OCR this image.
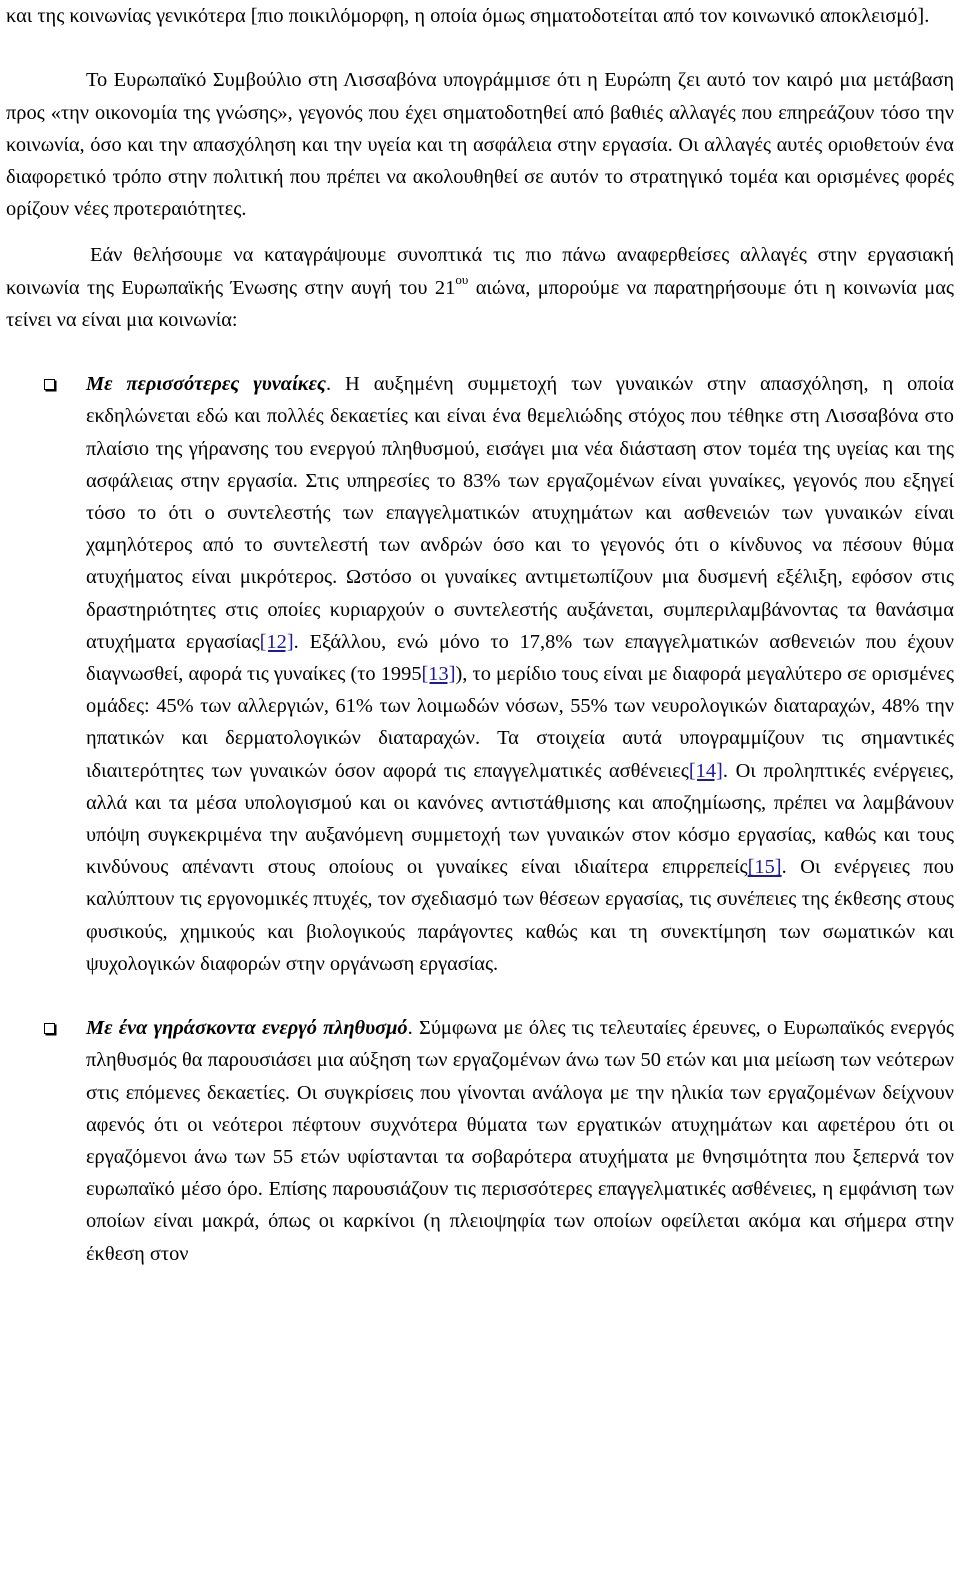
και της κοινωνίας γενικότερα [πιο ποικιλόμορφη, η οποία όμως σηματοδοτείται από τον κοινωνικό αποκλεισμό].

Το Ευρωπαϊκό Συμβούλιο στη Λισσαβόνα υπογράμμισε ότι η Ευρώπη ζει αυτό τον καιρό μια μετάβαση προς «την οικονομία της γνώσης», γεγονός που έχει σηματοδοτηθεί από βαθιές αλλαγές που επηρεάζουν τόσο την κοινωνία, όσο και την απασχόληση και την υγεία και τη ασφάλεια στην εργασία. Οι αλλαγές αυτές οριοθετούν ένα διαφορετικό τρόπο στην πολιτική που πρέπει να ακολουθηθεί σε αυτόν το στρατηγικό τομέα και ορισμένες φορές ορίζουν νέες προτεραιότητες.

Εάν θελήσουμε να καταγράψουμε συνοπτικά τις πιο πάνω αναφερθείσες αλλαγές στην εργασιακή κοινωνία της Ευρωπαϊκής Ένωσης στην αυγή του $21^{o\upsilon}$ αιώνα, μπορούμε να παρατηρήσουμε ότι η κοινωνία μας τείνει να είναι μια κοινωνία:

Με περισσότερες γυναίκες. Η αυξημένη συμμετοχή των γυναικών στην απασχόληση, η οποία εκδηλώνεται εδώ και πολλές δεκαετίες και είναι ένα θεμελιώδης στόχος που τέθηκε στη Λισσαβόνα στο πλαίσιο της γήρανσης του ενεργού πληθυσμού, εισάγει μια νέα διάσταση στον τομέα της υγείας και της ασφάλειας στην εργασία. Στις υπηρεσίες το 83% των εργαζομένων είναι γυναίκες, γεγονός που εξηγεί τόσο το ότι ο συντελεστής των επαγγελματικών ατυχημάτων και ασθενειών των γυναικών είναι χαμηλότερος από το συντελεστή των ανδρών όσο και το γεγονός ότι ο κίνδυνος να πέσουν θύμα ατυχήματος είναι μικρότερος. Ωστόσο οι γυναίκες αντιμετωπίζουν μια δυσμενή εξέλιξη, εφόσον στις δραστηριότητες στις οποίες κυριαρχούν ο συντελεστής αυξάνεται, συμπεριλαμβάνοντας τα θανάσιμα ατυχήματα εργασίας[12]. Εξάλλου, ενώ μόνο το 17,8% των επαγγελματικών ασθενειών που έχουν διαγνωσθεί, αφορά τις γυναίκες (το 1995[13]), το μερίδιο τους είναι με διαφορά μεγαλύτερο σε ορισμένες ομάδες: 45% των αλλεργιών, 61% των λοιμωδών νόσων, 55% των νευρολογικών διαταραχών, 48% την ηπατικών και δερματολογικών διαταραχών. Τα στοιχεία αυτά υπογραμμίζουν τις σημαντικές ιδιαιτερότητες των γυναικών όσον αφορά τις επαγγελματικές ασθένειες[14]. Οι προληπτικές ενέργειες, αλλά και τα μέσα υπολογισμού και οι κανόνες αντιστάθμισης και αποζημίωσης, πρέπει να λαμβάνουν υπόψη συγκεκριμένα την αυξανόμενη συμμετοχή των γυναικών στον κόσμο εργασίας, καθώς και τους κινδύνους απέναντι στους οποίους οι γυναίκες είναι ιδιαίτερα επιρρεπείς[15]. Οι ενέργειες που καλύπτουν τις εργονομικές πτυχές, τον σχεδιασμό των θέσεων εργασίας, τις συνέπειες της έκθεσης στους φυσικούς, χημικούς και βιολογικούς παράγοντες καθώς και τη συνεκτίμηση των σωματικών και ψυχολογικών διαφορών στην οργάνωση εργασίας.

Με ένα γηράσκοντα ενεργό πληθυσμό. Σύμφωνα με όλες τις τελευταίες έρευνες, ο Ευρωπαϊκός ενεργός πληθυσμός θα παρουσιάσει μια αύξηση των εργαζομένων άνω των 50 ετών και μια μείωση των νεότερων στις επόμενες δεκαετίες. Οι συγκρίσεις που γίνονται ανάλογα με την ηλικία των εργαζομένων δείχνουν αφενός ότι οι νεότεροι πέφτουν συχνότερα θύματα των εργατικών ατυχημάτων και αφετέρου ότι οι εργαζόμενοι άνω των 55 ετών υφίστανται τα σοβαρότερα ατυχήματα με θνησιμότητα που ξεπερνά τον ευρωπαϊκό μέσο όρο. Επίσης παρουσιάζουν τις περισσότερες επαγγελματικές ασθένειες, η εμφάνιση των οποίων είναι μακρά, όπως οι καρκίνοι (η πλειοψηφία των οποίων οφείλεται ακόμα και σήμερα στην έκθεση στον
